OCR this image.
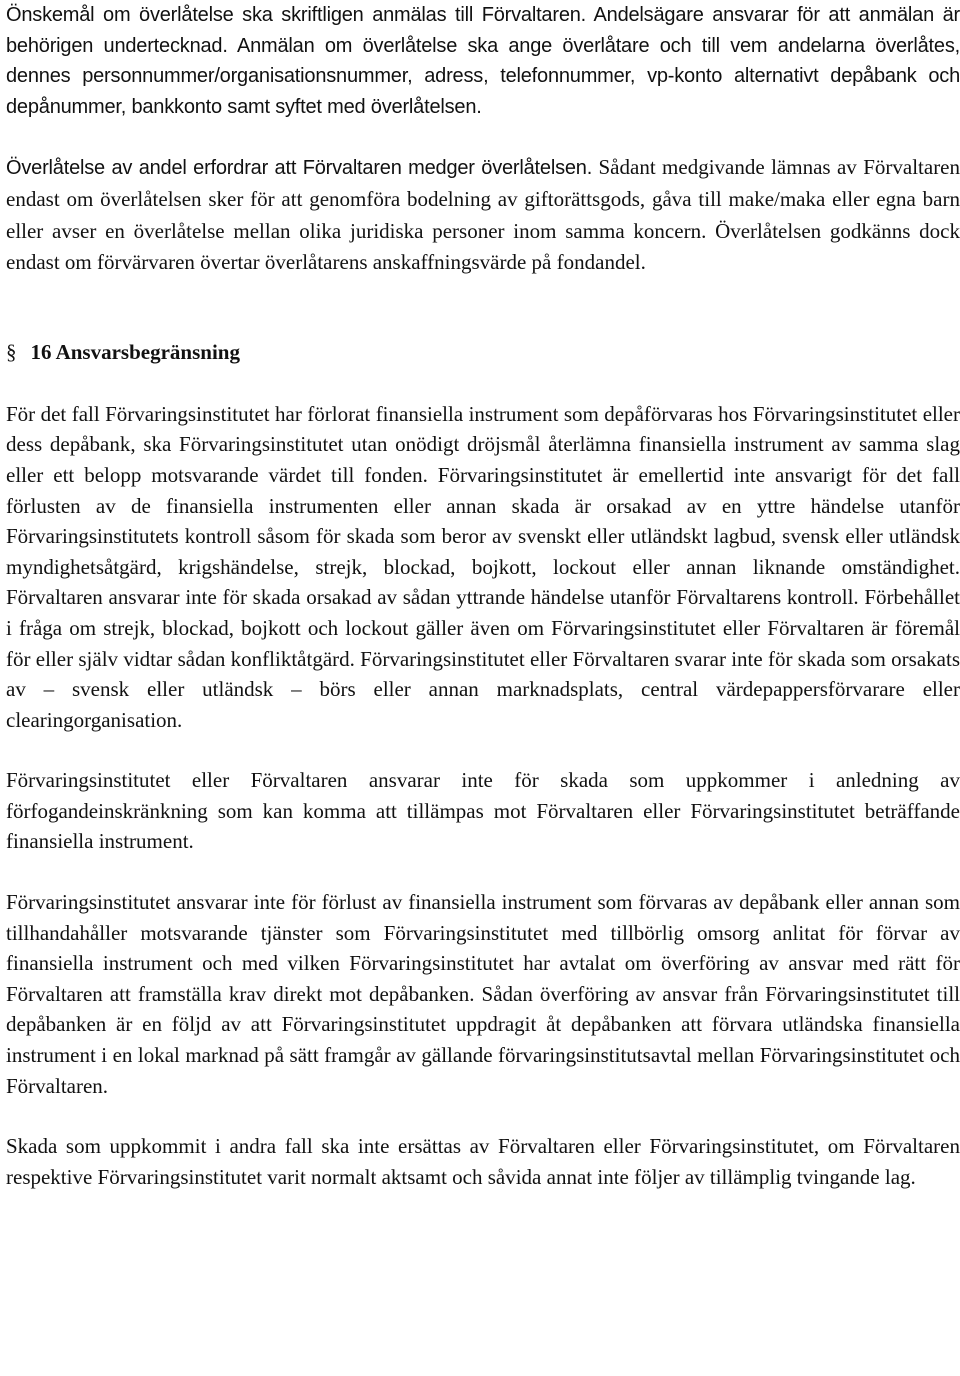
Önskemål om överlåtelse ska skriftligen anmälas till Förvaltaren. Andelsägare ansvarar för att anmälan är behörigen undertecknad. Anmälan om överlåtelse ska ange överlåtare och till vem andelarna överlåtes, dennes personnummer/organisationsnummer, adress, telefonnummer, vp-konto alternativt depåbank och depånummer, bankkonto samt syftet med överlåtelsen.

Överlåtelse av andel erfordrar att Förvaltaren medger överlåtelsen. Sådant medgivande lämnas av Förvaltaren endast om överlåtelsen sker för att genomföra bodelning av giftorättsgods, gåva till make/maka eller egna barn eller avser en överlåtelse mellan olika juridiska personer inom samma koncern. Överlåtelsen godkänns dock endast om förvärvaren övertar överlåtarens anskaffningsvärde på fondandel.

§ 16 Ansvarsbegränsning

För det fall Förvaringsinstitutet har förlorat finansiella instrument som depåförvaras hos Förvaringsinstitutet eller dess depåbank, ska Förvaringsinstitutet utan onödigt dröjsmål återlämna finansiella instrument av samma slag eller ett belopp motsvarande värdet till fonden. Förvaringsinstitutet är emellertid inte ansvarigt för det fall förlusten av de finansiella instrumenten eller annan skada är orsakad av en yttre händelse utanför Förvaringsinstitutets kontroll såsom för skada som beror av svenskt eller utländskt lagbud, svensk eller utländsk myndighetsåtgärd, krigshändelse, strejk, blockad, bojkott, lockout eller annan liknande omständighet. Förvaltaren ansvarar inte för skada orsakad av sådan yttrande händelse utanför Förvaltarens kontroll. Förbehållet i fråga om strejk, blockad, bojkott och lockout gäller även om Förvaringsinstitutet eller Förvaltaren är föremål för eller själv vidtar sådan konfliktåtgärd. Förvaringsinstitutet eller Förvaltaren svarar inte för skada som orsakats av – svensk eller utländsk – börs eller annan marknadsplats, central värdepappersförvarare eller clearingorganisation.

Förvaringsinstitutet eller Förvaltaren ansvarar inte för skada som uppkommer i anledning av förfogandeinskränkning som kan komma att tillämpas mot Förvaltaren eller Förvaringsinstitutet beträffande finansiella instrument.

Förvaringsinstitutet ansvarar inte för förlust av finansiella instrument som förvaras av depåbank eller annan som tillhandahåller motsvarande tjänster som Förvaringsinstitutet med tillbörlig omsorg anlitat för förvar av finansiella instrument och med vilken Förvaringsinstitutet har avtalat om överföring av ansvar med rätt för Förvaltaren att framställa krav direkt mot depåbanken. Sådan överföring av ansvar från Förvaringsinstitutet till depåbanken är en följd av att Förvaringsinstitutet uppdragit åt depåbanken att förvara utländska finansiella instrument i en lokal marknad på sätt framgår av gällande förvaringsinstitutsavtal mellan Förvaringsinstitutet och Förvaltaren.

Skada som uppkommit i andra fall ska inte ersättas av Förvaltaren eller Förvaringsinstitutet, om Förvaltaren respektive Förvaringsinstitutet varit normalt aktsamt och såvida annat inte följer av tillämplig tvingande lag.
